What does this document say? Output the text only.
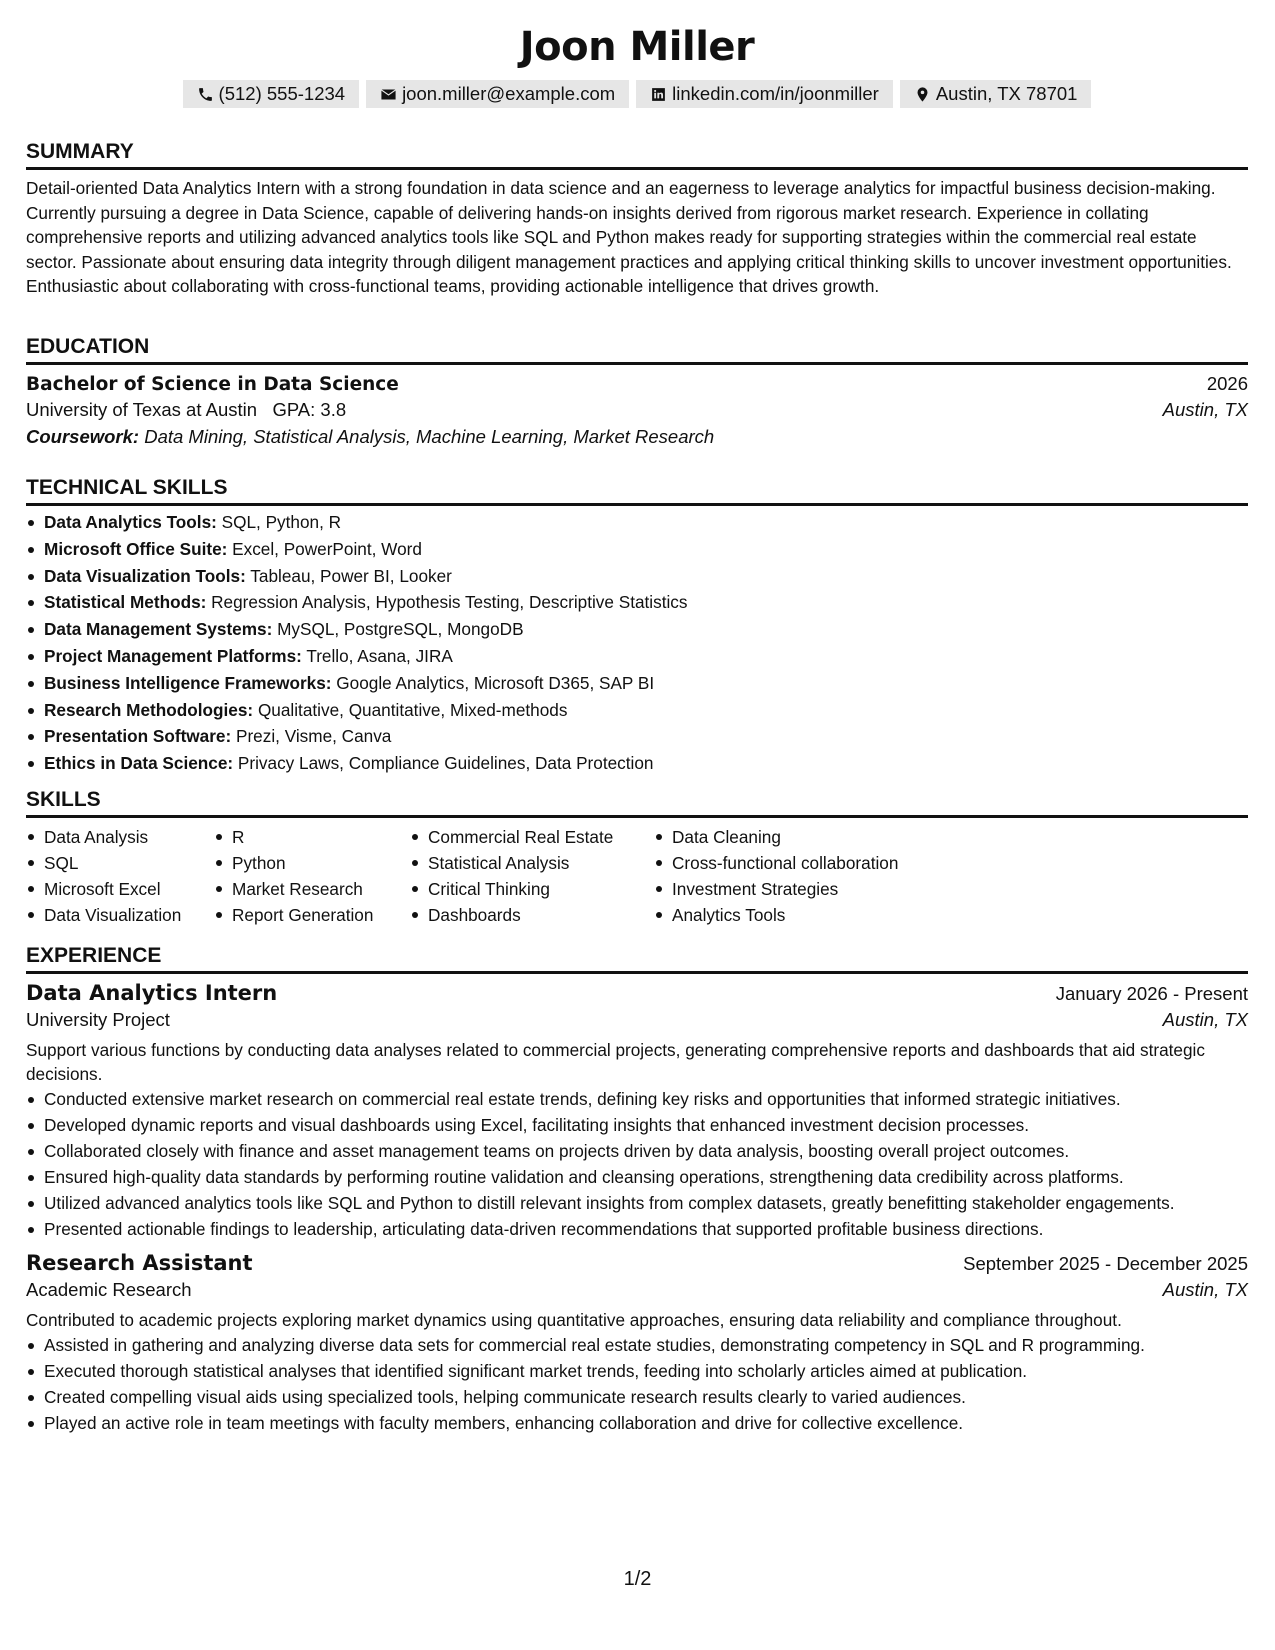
Joon Miller
(512) 555-1234	joon.miller@example.com	linkedin.com/in/joonmiller	Austin, TX 78701
SUMMARY
Detail-oriented Data Analytics Intern with a strong foundation in data science and an eagerness to leverage analytics for impactful business decision-making. Currently pursuing a degree in Data Science, capable of delivering hands-on insights derived from rigorous market research. Experience in collating comprehensive reports and utilizing advanced analytics tools like SQL and Python makes ready for supporting strategies within the commercial real estate sector. Passionate about ensuring data integrity through diligent management practices and applying critical thinking skills to uncover investment opportunities. Enthusiastic about collaborating with cross-functional teams, providing actionable intelligence that drives growth.
EDUCATION
Bachelor of Science in Data Science	2026
University of Texas at Austin GPA: 3.8	Austin, TX
Coursework: Data Mining, Statistical Analysis, Machine Learning, Market Research
TECHNICAL SKILLS
Data Analytics Tools: SQL, Python, R
Microsoft Office Suite: Excel, PowerPoint, Word
Data Visualization Tools: Tableau, Power BI, Looker
Statistical Methods: Regression Analysis, Hypothesis Testing, Descriptive Statistics
Data Management Systems: MySQL, PostgreSQL, MongoDB
Project Management Platforms: Trello, Asana, JIRA
Business Intelligence Frameworks: Google Analytics, Microsoft D365, SAP BI
Research Methodologies: Qualitative, Quantitative, Mixed-methods
Presentation Software: Prezi, Visme, Canva
Ethics in Data Science: Privacy Laws, Compliance Guidelines, Data Protection
SKILLS
Data Analysis
SQL
Microsoft Excel
Data Visualization
R
Python
Market Research
Report Generation
Commercial Real Estate
Statistical Analysis
Critical Thinking
Dashboards
Data Cleaning
Cross-functional collaboration
Investment Strategies
Analytics Tools
EXPERIENCE
Data Analytics Intern	January 2026 - Present
University Project	Austin, TX
Support various functions by conducting data analyses related to commercial projects, generating comprehensive reports and dashboards that aid strategic decisions.
Conducted extensive market research on commercial real estate trends, defining key risks and opportunities that informed strategic initiatives.
Developed dynamic reports and visual dashboards using Excel, facilitating insights that enhanced investment decision processes.
Collaborated closely with finance and asset management teams on projects driven by data analysis, boosting overall project outcomes.
Ensured high-quality data standards by performing routine validation and cleansing operations, strengthening data credibility across platforms.
Utilized advanced analytics tools like SQL and Python to distill relevant insights from complex datasets, greatly benefitting stakeholder engagements.
Presented actionable findings to leadership, articulating data-driven recommendations that supported profitable business directions.
Research Assistant	September 2025 - December 2025
Academic Research	Austin, TX
Contributed to academic projects exploring market dynamics using quantitative approaches, ensuring data reliability and compliance throughout.
Assisted in gathering and analyzing diverse data sets for commercial real estate studies, demonstrating competency in SQL and R programming.
Executed thorough statistical analyses that identified significant market trends, feeding into scholarly articles aimed at publication.
Created compelling visual aids using specialized tools, helping communicate research results clearly to varied audiences.
Played an active role in team meetings with faculty members, enhancing collaboration and drive for collective excellence.
1/2
